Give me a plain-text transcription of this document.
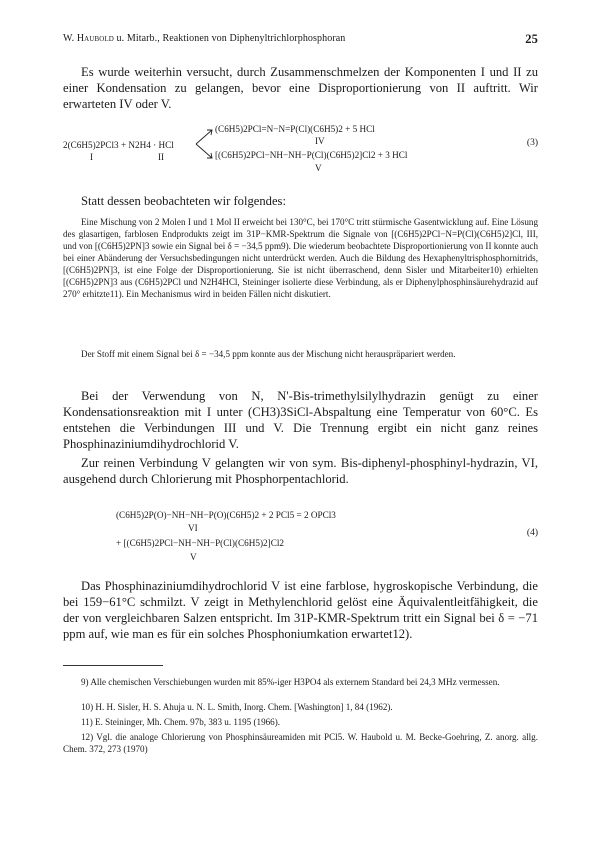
W. Haubold u. Mitarb., Reaktionen von Diphenyltrichlorphosphoran	25

Es wurde weiterhin versucht, durch Zusammenschmelzen der Komponenten I und II zu einer Kondensation zu gelangen, bevor eine Disproportionierung von II auftritt. Wir erwarteten IV oder V.

2(C6H5)2PCl3 + N2H4 · HCl
I	II
(C6H5)2PCl=N−N=P(Cl)(C6H5)2 + 5 HCl
IV
[(C6H5)2PCl−NH−NH−P(Cl)(C6H5)2]Cl2 + 3 HCl
V
(3)

Statt dessen beobachteten wir folgendes:

Eine Mischung von 2 Molen I und 1 Mol II erweicht bei 130°C, bei 170°C tritt stürmische Gasentwicklung auf. Eine Lösung des glasartigen, farblosen Endprodukts zeigt im 31P−KMR-Spektrum die Signale von [(C6H5)2PCl−N=P(Cl)(C6H5)2]Cl, III, und von [(C6H5)2PN]3 sowie ein Signal bei δ = −34,5 ppm9). Die wiederum beobachtete Disproportionierung von II konnte auch bei einer Abänderung der Versuchsbedingungen nicht unterdrückt werden. Auch die Bildung des Hexaphenyltrisphosphornitrids, [(C6H5)2PN]3, ist eine Folge der Disproportionierung. Sie ist nicht überraschend, denn Sisler und Mitarbeiter10) erhielten [(C6H5)2PN]3 aus (C6H5)2PCl und N2H4HCl, Steininger isolierte diese Verbindung, als er Diphenylphosphinsäurehydrazid auf 270° erhitzte11). Ein Mechanismus wird in beiden Fällen nicht diskutiert.

Der Stoff mit einem Signal bei δ = −34,5 ppm konnte aus der Mischung nicht herauspräpariert werden.

Bei der Verwendung von N, N'-Bis-trimethylsilylhydrazin genügt zu einer Kondensationsreaktion mit I unter (CH3)3SiCl-Abspaltung eine Temperatur von 60°C. Es entstehen die Verbindungen III und V. Die Trennung ergibt ein nicht ganz reines Phosphinaziniumdihydrochlorid V.

Zur reinen Verbindung V gelangten wir von sym. Bis-diphenyl-phosphinyl-hydrazin, VI, ausgehend durch Chlorierung mit Phosphorpentachlorid.

(C6H5)2P(O)−NH−NH−P(O)(C6H5)2 + 2 PCl5 = 2 OPCl3
VI
+ [(C6H5)2PCl−NH−NH−P(Cl)(C6H5)2]Cl2
V
(4)

Das Phosphinaziniumdihydrochlorid V ist eine farblose, hygroskopische Verbindung, die bei 159−61°C schmilzt. V zeigt in Methylenchlorid gelöst eine Äquivalentleitfähigkeit, die der von vergleichbaren Salzen entspricht. Im 31P-KMR-Spektrum tritt ein Signal bei δ = −71 ppm auf, wie man es für ein solches Phosphoniumkation erwartet12).

9) Alle chemischen Verschiebungen wurden mit 85%-iger H3PO4 als externem Standard bei 24,3 MHz vermessen.

10) H. H. Sisler, H. S. Ahuja u. N. L. Smith, Inorg. Chem. [Washington] 1, 84 (1962).

11) E. Steininger, Mh. Chem. 97b, 383 u. 1195 (1966).

12) Vgl. die analoge Chlorierung von Phosphinsäureamiden mit PCl5. W. Haubold u. M. Becke-Goehring, Z. anorg. allg. Chem. 372, 273 (1970)
